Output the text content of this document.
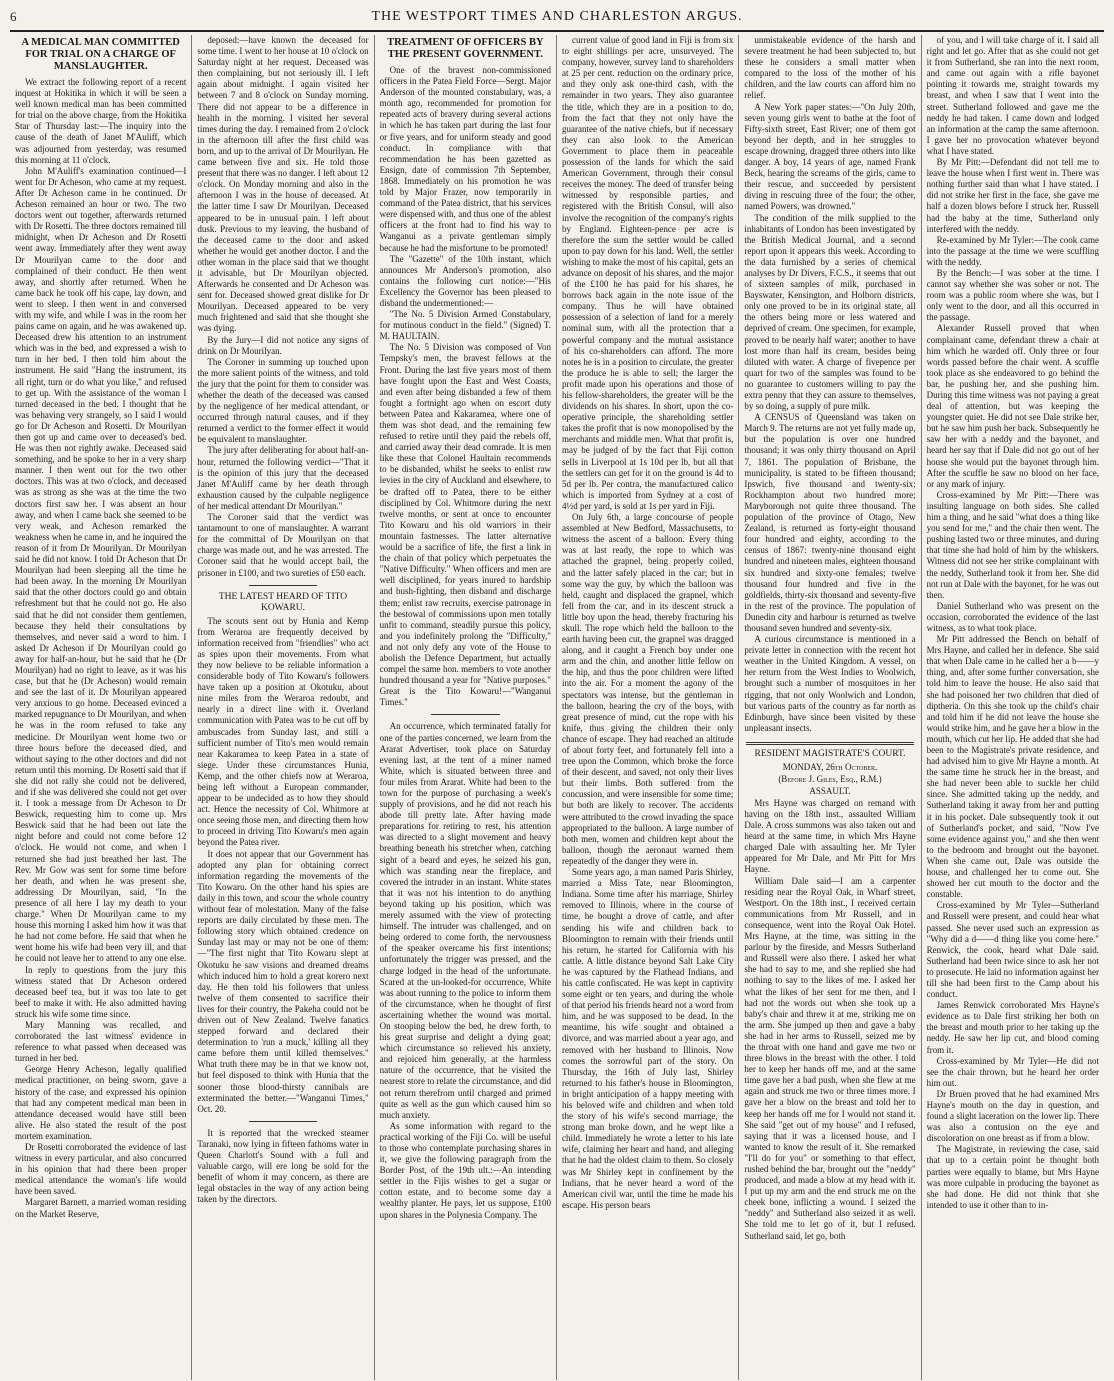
6	THE WESTPORT TIMES AND CHARLESTON ARGUS.
A MEDICAL MAN COMMITTED FOR TRIAL ON A CHARGE OF MANSLAUGHTER.

We extract the following report of a recent inquest at Hokitika in which it will be seen a well known medical man has been committed for trial on the above charge, from the Hokitika Star of Thursday last:—The inquiry into the cause of the death of Janet M'Auliff, which was adjourned from yesterday, was resumed this morning at 11 o'clock.

John M'Auliff's examination continued—I went for Dr Acheson, who came at my request. After Dr Acheson came in he continued. Dr Acheson remained an hour or two. The two doctors went out together, afterwards returned with Dr Rosetti. The three doctors remained till midnight, when Dr Acheson and Dr Rosetti went away. Immediately after they went away Dr Mourilyan came to the door and complained of their conduct. He then went away, and shortly after returned. When he came back he took off his cape, lay down, and went to sleep. I then went in and conversed with my wife, and while I was in the room her pains came on again, and he was awakened up. Deceased drew his attention to an instrument which was in the bed, and expressed a wish to turn in her bed. I then told him about the instrument. He said "Hang the instrument, its all right, turn or do what you like," and refused to get up. With the assistance of the woman I turned deceased in the bed. I thought that he was behaving very strangely, so I said I would go for Dr Acheson and Rosetti. Dr Mourilyan then got up and came over to deceased's bed. He was then not rightly awake. Deceased said something, and he spoke to her in a very sharp manner. I then went out for the two other doctors. This was at two o'clock, and deceased was as strong as she was at the time the two doctors first saw her. I was absent an hour away, and when I came back she seemed to be very weak, and Acheson remarked the weakness when he came in, and he inquired the reason of it from Dr Mourilyan. Dr Mourilyan said he did not know. I told Dr Acheson that Dr Mourilyan had been sleeping all the time he had been away. In the morning Dr Mourilyan said that the other doctors could go and obtain refreshment but that he could not go. He also said that he did not consider them gentlemen, because they held their consultations by themselves, and never said a word to him. I asked Dr Acheson if Dr Mourilyan could go away for half-an-hour, but he said that he (Dr Mourilyan) had no right to leave, as it was his case, but that he (Dr Acheson) would remain and see the last of it. Dr Mourilyan appeared very anxious to go home. Deceased evinced a marked repugnance to Dr Mourilyan, and when he was in the room refused to take any medicine. Dr Mourilyan went home two or three hours before the deceased died, and without saying to the other doctors and did not return until this morning. Dr Rosetti said that if she did not rally she could not be delivered, and if she was delivered she could not get over it. I took a message from Dr Acheson to Dr Beswick, requesting him to come up. Mrs Beswick said that he had been out late the night before and could not come before 12 o'clock. He would not come, and when I returned she had just breathed her last. The Rev. Mr Gow was sent for some time before her death, and when he was present she, addressing Dr Mourilyan, said, "In the presence of all here I lay my death to your charge." When Dr Mourilyan came to my house this morning I asked him how it was that he had not come before. He said that when he went home his wife had been very ill, and that he could not leave her to attend to any one else.

In reply to questions from the jury this witness stated that Dr Acheson ordered deceased beef tea, but it was too late to get beef to make it with. He also admitted having struck his wife some time since.

Mary Manning was recalled, and corroborated the last witness' evidence in reference to what passed when deceased was turned in her bed.

George Henry Acheson, legally qualified medical practitioner, on being sworn, gave a history of the case, and expressed his opinion that had any competent medical man been in attendance deceased would have still been alive. He also stated the result of the post mortem examination.

Dr Rosetti corroborated the evidence of last witness in every particular, and also concurred in his opinion that had there been proper medical attendance the woman's life would have been saved.

Margaret Barnett, a married woman residing on the Market Reserve,

deposed:—have known the deceased for some time. I went to her house at 10 o'clock on Saturday night at her request. Deceased was then complaining, but not seriously ill. I left again about midnight. I again visited her between 7 and 8 o'clock on Sunday morning. There did not appear to be a difference in health in the morning. I visited her several times during the day. I remained from 2 o'clock in the afternoon till after the first child was born, and up to the arrival of Dr Mourilyan. He came between five and six. He told those present that there was no danger. I left about 12 o'clock. On Monday morning and also in the afternoon I was in the house of deceased. At the latter time I saw Dr Mourilyan. Deceased appeared to be in unusual pain. I left about dusk. Previous to my leaving, the husband of the deceased came to the door and asked whether he would get another doctor. I and the other woman in the place said that we thought it advisable, but Dr Mourilyan objected. Afterwards he consented and Dr Acheson was sent for. Deceased showed great dislike for Dr Mourilyan. Deceased appeared to be very much frightened and said that she thought she was dying.

By the Jury—I did not notice any signs of drink on Dr Mourilyan.

The Coroner in summing up touched upon the more salient points of the witness, and told the jury that the point for them to consider was whether the death of the deceased was caused by the negligence of her medical attendant, or occurred through natural causes, and if they returned a verdict to the former effect it would be equivalent to manslaughter.

The jury after deliberating for about half-an-hour, returned the following verdict—"That it is the opinion of this jury that the deceased Janet M'Auliff came by her death through exhaustion caused by the culpable negligence of her medical attendant Dr Mourilyan."

The Coroner said that the verdict was tantamount to one of manslaughter. A warrant for the committal of Dr Mourilyan on that charge was made out, and he was arrested. The Coroner said that he would accept bail, the prisoner in £100, and two sureties of £50 each.

THE LATEST HEARD OF TITO KOWARU.

The scouts sent out by Hunia and Kemp from Weraroa are frequently deceived by information received from "friendlies" who act as spies upon their movements. From what they now believe to be reliable information a considerable body of Tito Kowaru's followers have taken up a position at Okotuku, about nine miles from the Weraroa redoubt, and nearly in a direct line with it. Overland communication with Patea was to be cut off by ambuscades from Sunday last, and still a sufficient number of Tito's men would remain near Kakaramea to keep Patea in a state of siege. Under these circumstances Hunia, Kemp, and the other chiefs now at Weraroa, being left without a European commander, appear to be undecided as to how they should act. Hence the necessity of Col. Whitmore at once seeing those men, and directing them how to proceed in driving Tito Kowaru's men again beyond the Patea river.

It does not appear that our Government has adopted any plan for obtaining correct information regarding the movements of the Tito Kowaru. On the other hand his spies are daily in this town, and scour the whole country without fear of molestation. Many of the false reports are daily circulated by these men. The following story which obtained credence on Sunday last may or may not be one of them:—"The first night that Tito Kowaru slept at Okotuku he saw visions and dreamed dreams which induced him to hold a great korero next day. He then told his followers that unless twelve of them consented to sacrifice their lives for their country, the Pakeha could not be driven out of New Zealand. Twelve fanatics stepped forward and declared their determination to 'run a muck,' killing all they came before them until killed themselves." What truth there may be in that we know not, but feel disposed to think with Hunia that the sooner those blood-thirsty cannibals are exterminated the better.—"Wanganui Times," Oct. 20.

It is reported that the wrecked steamer Taranaki, now lying in fifteen fathoms water in Queen Charlott's Sound with a full and valuable cargo, will ere long be sold for the benefit of whom it may concern, as there are legal obstacles in the way of any action being taken by the directors.

TREATMENT OF OFFICERS BY THE PRESENT GOVERNMENT.

One of the bravest non-commissioned officers in the Patea Field Force—Sergt. Major Anderson of the mounted constabulary, was, a month ago, recommended for promotion for repeated acts of bravery during several actions in which he has taken part during the last four or five years, and for uniform steady and good conduct. In compliance with that recommendation he has been gazetted as Ensign, date of commission 7th September, 1868. Immediately on his promotion he was told by Major Frazer, now temporarily in command of the Patea district, that his services were dispensed with, and thus one of the ablest officers at the front had to find his way to Wanganui as a private gentleman simply because he had the misfortune to be promoted!

The "Gazette" of the 10th instant, which announces Mr Anderson's promotion, also contains the following curt notice:—"His Excellency the Governor has been pleased to disband the undermentioned:—

"The No. 5 Division Armed Constabulary, for mutinous conduct in the field." (Signed) T. M. HAULTAIN.

The No. 5 Division was composed of Von Tempsky's men, the bravest fellows at the Front. During the last five years most of them have fought upon the East and West Coasts, and even after being disbanded a few of them fought a fortnight ago when on escort duty between Patea and Kakaramea, where one of them was shot dead, and the remaining few refused to retire until they paid the rebels off, and carried away their dead comrade. It is men like these that Colonel Haultain recommends to be disbanded, whilst he seeks to enlist raw levies in the city of Auckland and elsewhere, to be drafted off to Patea, there to be either disciplined by Col. Whitmore during the next twelve months, or sent at once to encounter Tito Kowaru and his old warriors in their mountain fastnesses. The latter alternative would be a sacrifice of life, the first a link in the chain of that policy which perpetuates the "Native Difficulty." When officers and men are well disciplined, for years inured to hardship and bush-fighting, then disband and discharge them; enlist raw recruits, exercise patronage in the bestowal of commissions upon men totally unfit to command, steadily pursue this policy, and you indefinitely prolong the "Difficulty," and not only defy any vote of the House to abolish the Defence Department, but actually compel the same hon. members to vote another hundred thousand a year for "Native purposes." Great is the Tito Kowaru!—"Wanganui Times."

An occurrence, which terminated fatally for one of the parties concerned, we learn from the Ararat Advertiser, took place on Saturday evening last, at the tent of a miner named White, which is situated between three and four miles from Ararat. White had been to the town for the purpose of purchasing a week's supply of provisions, and he did not reach his abode till pretty late. After having made preparations for retiring to rest, his attention was directed to a slight movement and heavy breathing beneath his stretcher when, catching sight of a beard and eyes, he seized his gun, which was standing near the fireplace, and covered the intruder in an instant. White states that it was not his intention to do anything beyond taking up his position, which was merely assumed with the view of protecting himself. The intruder was challenged, and on being ordered to come forth, the nervousness of the speaker overcame his first intentions; unfortunately the trigger was pressed, and the charge lodged in the head of the unfortunate. Scared at the un-looked-for occurrence, White was about running to the police to inform them of the circumstance, when he thought of first ascertaining whether the wound was mortal. On stooping below the bed, he drew forth, to his great surprise and delight a dying goat; which circumstance so relieved his anxiety, and rejoiced him generally, at the harmless nature of the occurrence, that he visited the nearest store to relate the circumstance, and did not return therefrom until charged and primed quite as well as the gun which caused him so much anxiety.

As some information with regard to the practical working of the Fiji Co. will be useful to those who contemplate purchasing shares in it, we give the following paragraph from the Border Post, of the 19th ult.:—An intending settler in the Fijis wishes to get a sugar or cotton estate, and to become some day a wealthy planter. He pays, let us suppose, £100 upon shares in the Polynesia Company. The

current value of good land in Fiji is from six to eight shillings per acre, unsurveyed. The company, however, survey land to shareholders at 25 per cent. reduction on the ordinary price, and they only ask one-third cash, with the remainder in two years. They also guarantee the title, which they are in a position to do, from the fact that they not only have the guarantee of the native chiefs, but if necessary they can also look to the American Government to place them in peaceable possession of the lands for which the said American Government, through their consul receives the money. The deed of transfer being witnessed by responsible parties, and registered with the British Consul, will also involve the recognition of the company's rights by England. Eighteen-pence per acre is therefore the sum the settler would be called upon to pay down for his land. Well, the settler wishing to make the most of his capital, gets an advance on deposit of his shares, and the major of the £100 he has paid for his shares, he borrows back again in the note issue of the company. Thus he will have obtained possession of a selection of land for a merely nominal sum, with all the protection that a powerful company and the mutual assistance of his co-shareholders can afford. The more notes he is in a position to circulate, the greater the produce he is able to sell; the larger the profit made upon his operations and those of his fellow-shareholders, the greater will be the dividends on his shares. In short, upon the co-operative principle, the shareholding settler takes the profit that is now monopolised by the merchants and middle men. What that profit is, may be judged of by the fact that Fiji cotton sells in Liverpool at 1s 10d per lb, but all that the settlers can get for it on the ground is 4d to 5d per lb. Per contra, the manufactured calico which is imported from Sydney at a cost of 4½d per yard, is sold at 1s per yard in Fiji.

On July 6th, a large concourse of people assembled at New Bedford, Massachusetts, to witness the ascent of a balloon. Every thing was at last ready, the rope to which was attached the grapnel, being properly coiled, and the latter safely placed in the car; but in some way the guy, by which the balloon was held, caught and displaced the grapnel, which fell from the car, and in its descent struck a little boy upon the head, thereby fracturing his skull. The rope which held the balloon to the earth having been cut, the grapnel was dragged along, and it caught a French boy under one arm and the chin, and another little fellow on the hip, and thus the poor children were lifted into the air. For a moment the agony of the spectators was intense, but the gentleman in the balloon, hearing the cry of the boys, with great presence of mind, cut the rope with his knife, thus giving the children their only chance of escape. They had reached an altitude of about forty feet, and fortunately fell into a tree upon the Common, which broke the force of their descent, and saved, not only their lives but their limbs. Both suffered from the concussion, and were insensible for some time; but both are likely to recover. The accidents were attributed to the crowd invading the space appropriated to the balloon. A large number of both men, women and children kept about the balloon, though the aeronaut warned them repeatedly of the danger they were in.

Some years ago, a man named Paris Shirley, married a Miss Tate, near Bloomington, Indiana. Some time after his marriage, Shirley removed to Illinois, where in the course of time, he bought a drove of cattle, and after sending his wife and children back to Bloomington to remain with their friends until his return, he started for California with his cattle. A little distance beyond Salt Lake City he was captured by the Flathead Indians, and his cattle confiscated. He was kept in captivity some eight or ten years, and during the whole of that period his friends heard not a word from him, and he was supposed to be dead. In the meantime, his wife sought and obtained a divorce, and was married about a year ago, and removed with her husband to Illinois. Now comes the sorrowful part of the story. On Thursday, the 16th of July last, Shirley returned to his father's house in Bloomington, in bright anticipation of a happy meeting with his beloved wife and children and when told the story of his wife's second marriage, the strong man broke down, and he wept like a child. Immediately he wrote a letter to his late wife, claiming her heart and hand, and alleging that he had the oldest claim to them. So closely was Mr Shirley kept in confinement by the Indians, that he never heard a word of the American civil war, until the time he made his escape. His person bears

unmistakeable evidence of the harsh and severe treatment he had been subjected to, but these he considers a small matter when compared to the loss of the mother of his children, and the law courts can afford him no relief.

A New York paper states:—"On July 20th, seven young girls went to bathe at the foot of Fifty-sixth street, East River; one of them got beyond her depth, and in her struggles to escape drowning, dragged three others into like danger. A boy, 14 years of age, named Frank Beck, hearing the screams of the girls, came to their rescue, and succeeded by persistent diving in rescuing three of the four; the other, named Powers, was drowned."

The condition of the milk supplied to the inhabitants of London has been investigated by the British Medical Journal, and a second report upon it appears this week. According to the data furnished by a series of chemical analyses by Dr Divers, F.C.S., it seems that out of sixteen samples of milk, purchased in Bayswater, Kensington, and Holborn districts, only one proved to be in its original state, all the others being more or less watered and deprived of cream. One specimen, for example, proved to be nearly half water; another to have lost more than half its cream, besides being diluted with water. A charge of fivepence per quart for two of the samples was found to be no guarantee to customers willing to pay the extra penny that they can assure to themselves, by so doing, a supply of pure milk.

A CENSUS of Queensland was taken on March 9. The returns are not yet fully made up, but the population is over one hundred thousand; it was only thirty thousand on April 7, 1861. The population of Brisbane, the municipality, is stated to be fifteen thousand; Ipswich, five thousand and twenty-six; Rockhampton about two hundred more; Maryborough not quite three thousand. The population of the province of Otago, New Zealand, is returned as forty-eight thousand four hundred and eighty, according to the census of 1867: twenty-nine thousand eight hundred and nineteen males, eighteen thousand six hundred and sixty-one females; twelve thousand four hundred and five in the goldfields, thirty-six thousand and seventy-five in the rest of the province. The population of Dunedin city and harbour is returned as twelve thousand seven hundred and seventy-six.

A curious circumstance is mentioned in a private letter in connection with the recent hot weather in the United Kingdom. A vessel, on her return from the West Indies to Woolwich, brought such a number of mosquitoes in her rigging, that not only Woolwich and London, but various parts of the country as far north as Edinburgh, have since been visited by these unpleasant insects.

RESIDENT MAGISTRATE'S COURT.
MONDAY, 26th October.
(Before J. Giles, Esq., R.M.)
ASSAULT.

Mrs Hayne was charged on remand with having on the 18th inst., assaulted William Dale. A cross summons was also taken out and heard at the same time, in which Mrs Hayne charged Dale with assaulting her. Mr Tyler appeared for Mr Dale, and Mr Pitt for Mrs Hayne.

William Dale said—I am a carpenter residing near the Royal Oak, in Wharf street, Westport. On the 18th inst., I received certain communications from Mr Russell, and in consequence, went into the Royal Oak Hotel. Mrs Hayne, at the time, was sitting in the parlour by the fireside, and Messrs Sutherland and Russell were also there. I asked her what she had to say to me, and she replied she had nothing to say to the likes of me. I asked her what the likes of her sent for me then, and I had not the words out when she took up a baby's chair and threw it at me, striking me on the arm. She jumped up then and gave a baby she had in her arms to Russell, seized me by the throat with one hand and gave me two or three blows in the breast with the other. I told her to keep her hands off me, and at the same time gave her a bad push, when she flew at me again and struck me two or three times more. I gave her a blow on the breast and told her to keep her hands off me for I would not stand it. She said "get out of my house" and I refused, saying that it was a licensed house, and I wanted to know the result of it. She remarked "I'll do for you" or something to that effect, rushed behind the bar, brought out the "neddy" produced, and made a blow at my head with it. I put up my arm and the end struck me on the cheek bone, inflicting a wound. I seized the "neddy" and Sutherland also seized it as well. She told me to let go of it, but I refused. Sutherland said, let go, both

of you, and I will take charge of it. I said all right and let go. After that as she could not get it from Sutherland, she ran into the next room, and came out again with a rifle bayonet pointing it towards me, straight towards my breast, and when I saw that I went into the street. Sutherland followed and gave me the neddy he had taken. I came down and lodged an information at the camp the same afternoon. I gave her no provocation whatever beyond what I have stated.

By Mr Pitt:—Defendant did not tell me to leave the house when I first went in. There was nothing further said than what I have stated. I did not strike her first in the face, she gave me half a dozen blows before I struck her. Russell had the baby at the time, Sutherland only interfered with the neddy.

Re-examined by Mr Tyler:—The cook came into the passage at the time we were scuffling with the neddy.

By the Bench:—I was sober at the time. I cannot say whether she was sober or not. The room was a public room where she was, but I only went to the door, and all this occurred in the passage.

Alexander Russell proved that when complainant came, defendant threw a chair at him which he warded off. Only three or four words passed before the chair went. A scuffle took place as she endeavored to go behind the bar, he pushing her, and she pushing him. During this time witness was not paying a great deal of attention, but was keeping the youngster quiet. He did not see Dale strike her, but he saw him push her back. Subsequently he saw her with a neddy and the bayonet, and heard her say that if Dale did not go out of her house she would put the bayonet through him. After the scuffle he saw no blood on her face, or any mark of injury.

Cross-examined by Mr Pitt:—There was insulting language on both sides. She called him a thing, and he said "what does a thing like you send for me," and the chair then went. The pushing lasted two or three minutes, and during that time she had hold of him by the whiskers. Witness did not see her strike complainant with the neddy, Sutherland took it from her. She did not run at Dale with the bayonet, for he was out then.

Daniel Sutherland who was present on the occasion, corroborated the evidence of the last witness, as to what took place.

Mr Pitt addressed the Bench on behalf of Mrs Hayne, and called her in defence. She said that when Dale came in he called her a b——y thing, and, after some further conversation, she told him to leave the house. He also said that she had poisoned her two children that died of diptheria. On this she took up the child's chair and told him if he did not leave the house she would strike him, and he gave her a blow in the mouth, which cut her lip. He added that she had been to the Magistrate's private residence, and had advised him to give Mr Hayne a month. At the same time he struck her in the breast, and she had never been able to suckle her child since. She admitted taking up the neddy, and Sutherland taking it away from her and putting it in his pocket. Dale subsequently took it out of Sutherland's pocket, and said, "Now I've some evidence against you," and she then went to the bedroom and brought out the bayonet. When she came out, Dale was outside the house, and challenged her to come out. She showed her cut mouth to the doctor and the constable.

Cross-examined by Mr Tyler—Sutherland and Russell were present, and could hear what passed. She never used such an expression as "Why did a d——d thing like you come here." Renwick, the cook, heard what Dale said. Sutherland had been twice since to ask her not to prosecute. He laid no information against her till she had been first to the Camp about his conduct.

James Renwick corroborated Mrs Hayne's evidence as to Dale first striking her both on the breast and mouth prior to her taking up the neddy. He saw her lip cut, and blood coming from it.

Cross-examined by Mr Tyler—He did not see the chair thrown, but he heard her order him out.

Dr Bruen proved that he had examined Mrs Hayne's mouth on the day in question, and found a slight laceration on the lower lip. There was also a contusion on the eye and discoloration on one breast as if from a blow.

The Magistrate, in reviewing the case, said that up to a certain point he thought both parties were equally to blame, but Mrs Hayne was more culpable in producing the bayonet as she had done. He did not think that she intended to use it other than to in-
